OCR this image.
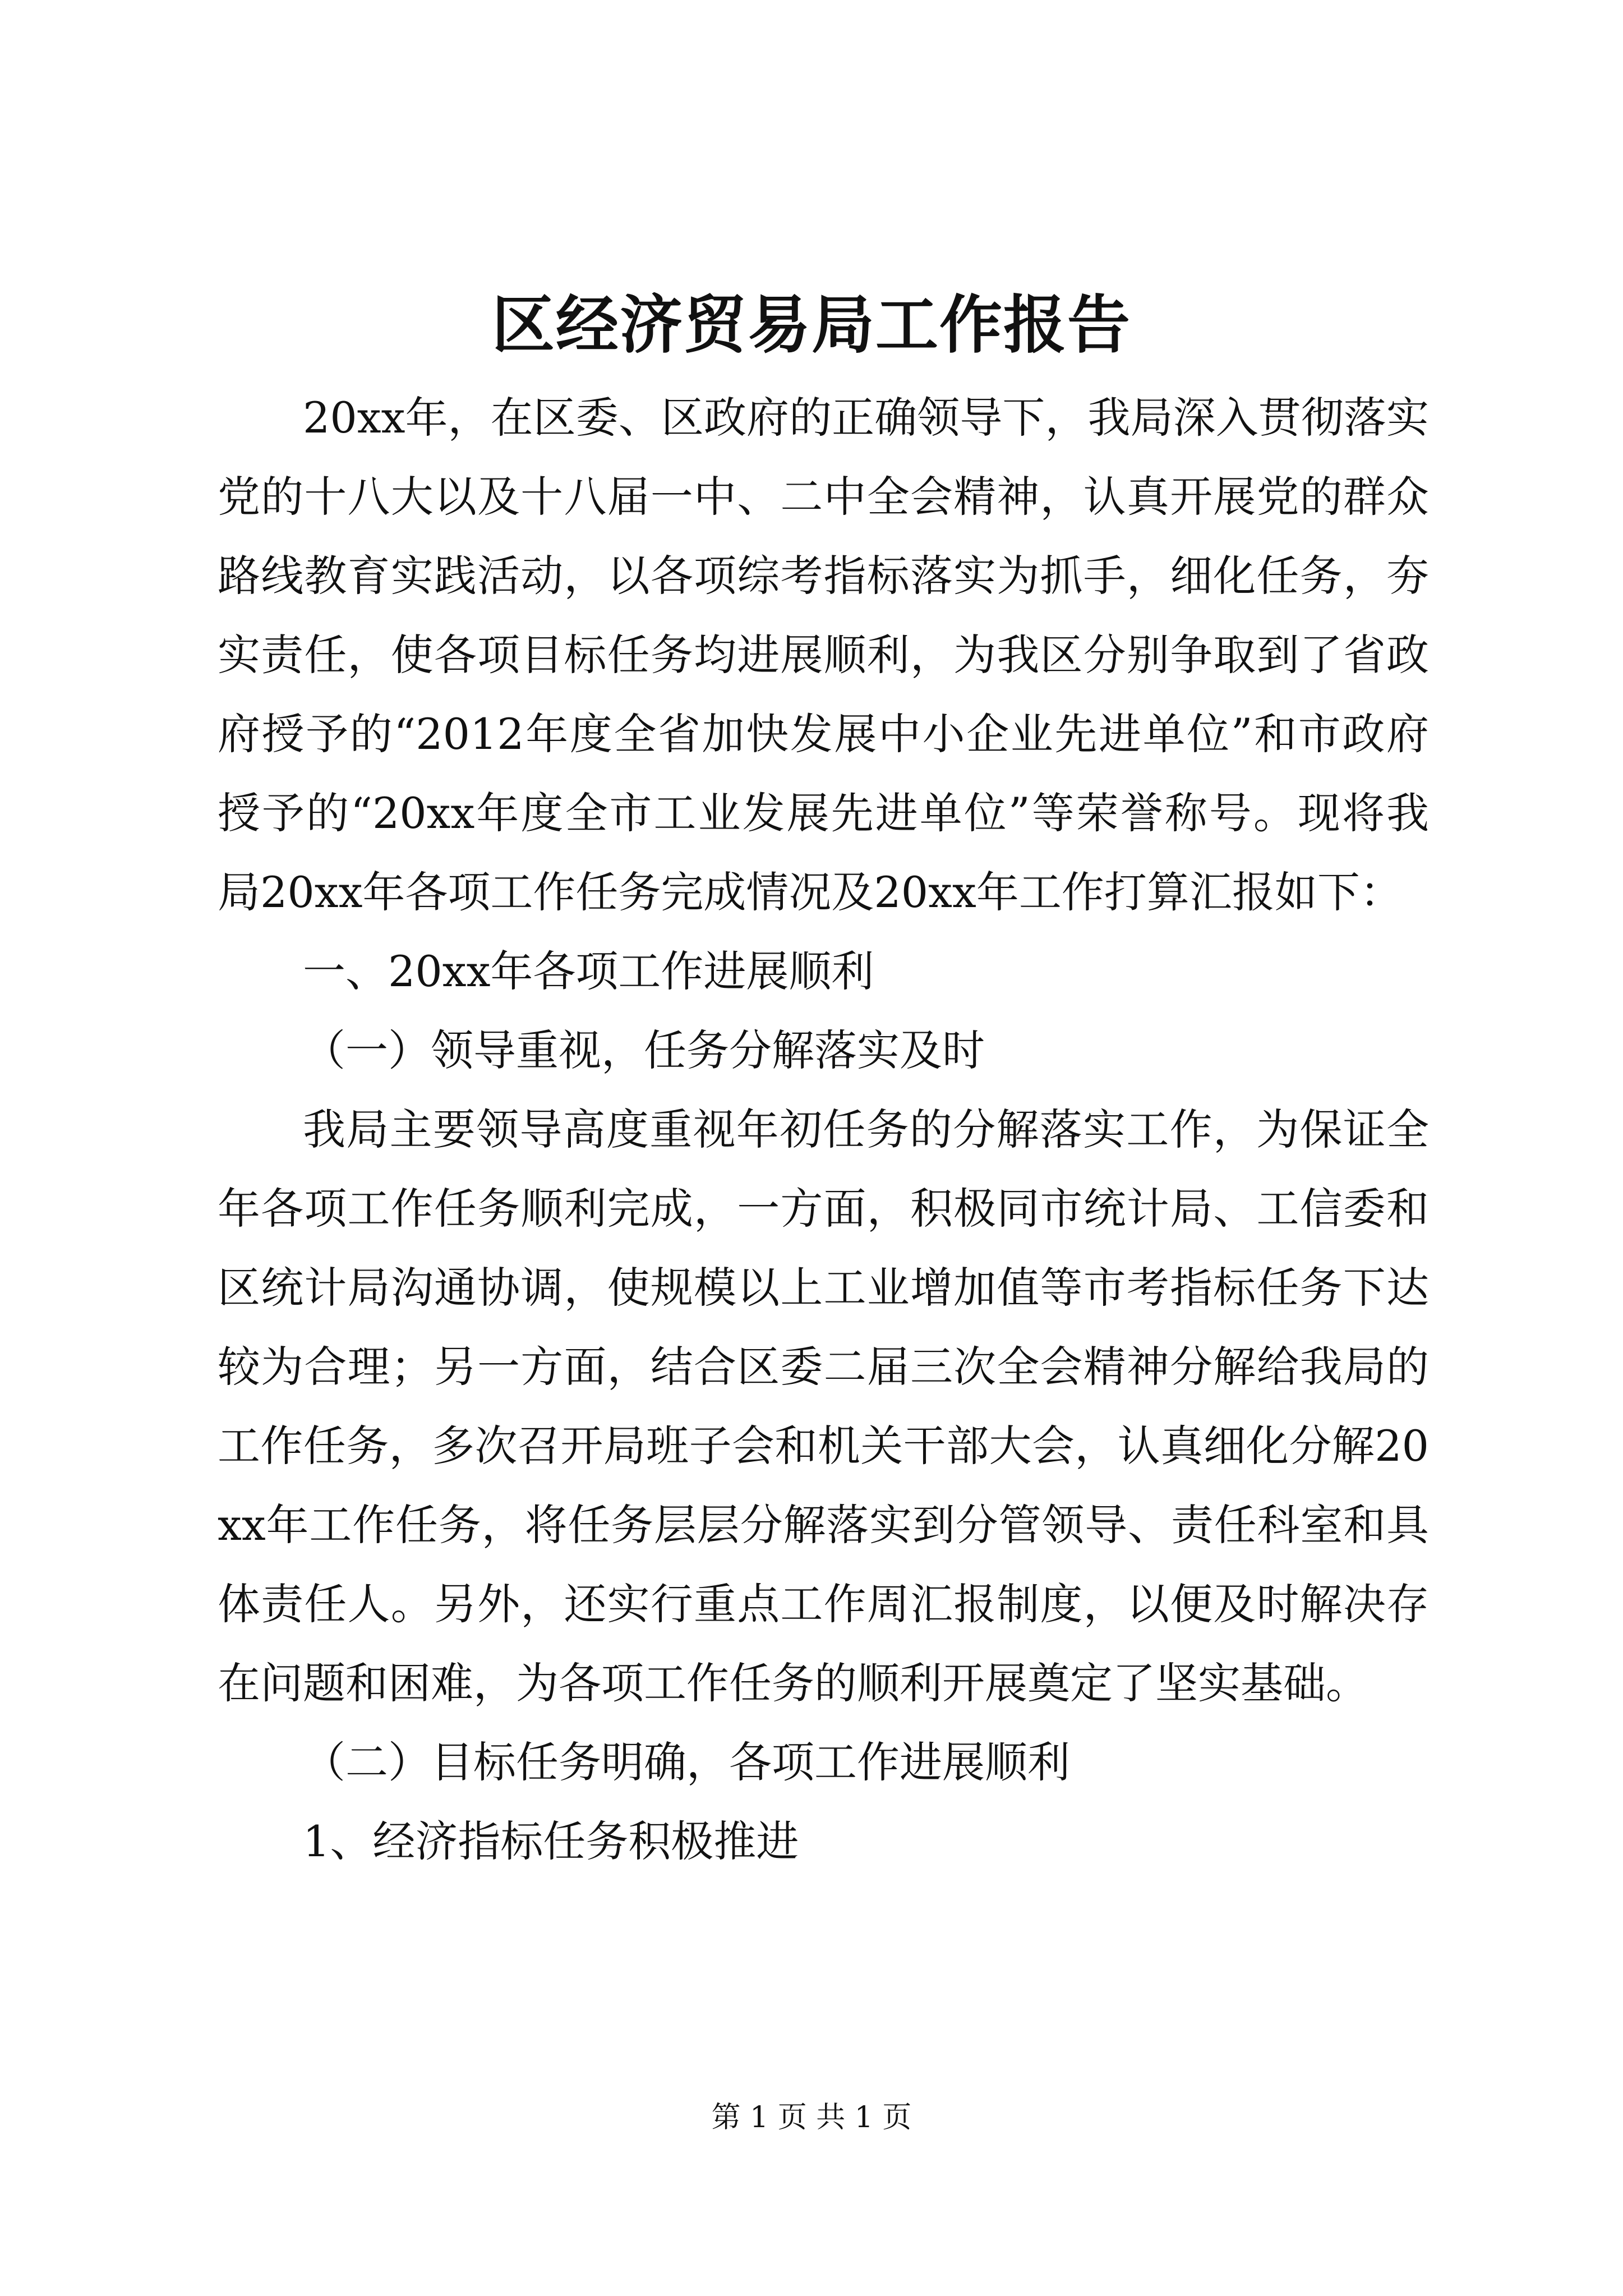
区经济贸易局工作报告

20xx年，在区委、区政府的正确领导下，我局深入贯彻落实党的十八大以及十八届一中、二中全会精神，认真开展党的群众路线教育实践活动，以各项综考指标落实为抓手，细化任务，夯实责任，使各项目标任务均进展顺利，为我区分别争取到了省政府授予的“2012年度全省加快发展中小企业先进单位”和市政府授予的“20xx年度全市工业发展先进单位”等荣誉称号。现将我局20xx年各项工作任务完成情况及20xx年工作打算汇报如下：

一、20xx年各项工作进展顺利

（一）领导重视，任务分解落实及时

我局主要领导高度重视年初任务的分解落实工作，为保证全年各项工作任务顺利完成，一方面，积极同市统计局、工信委和区统计局沟通协调，使规模以上工业增加值等市考指标任务下达较为合理；另一方面，结合区委二届三次全会精神分解给我局的工作任务，多次召开局班子会和机关干部大会，认真细化分解20xx年工作任务，将任务层层分解落实到分管领导、责任科室和具体责任人。另外，还实行重点工作周汇报制度，以便及时解决存在问题和困难，为各项工作任务的顺利开展奠定了坚实基础。

（二）目标任务明确，各项工作进展顺利

1、经济指标任务积极推进

第 1 页 共 1 页
